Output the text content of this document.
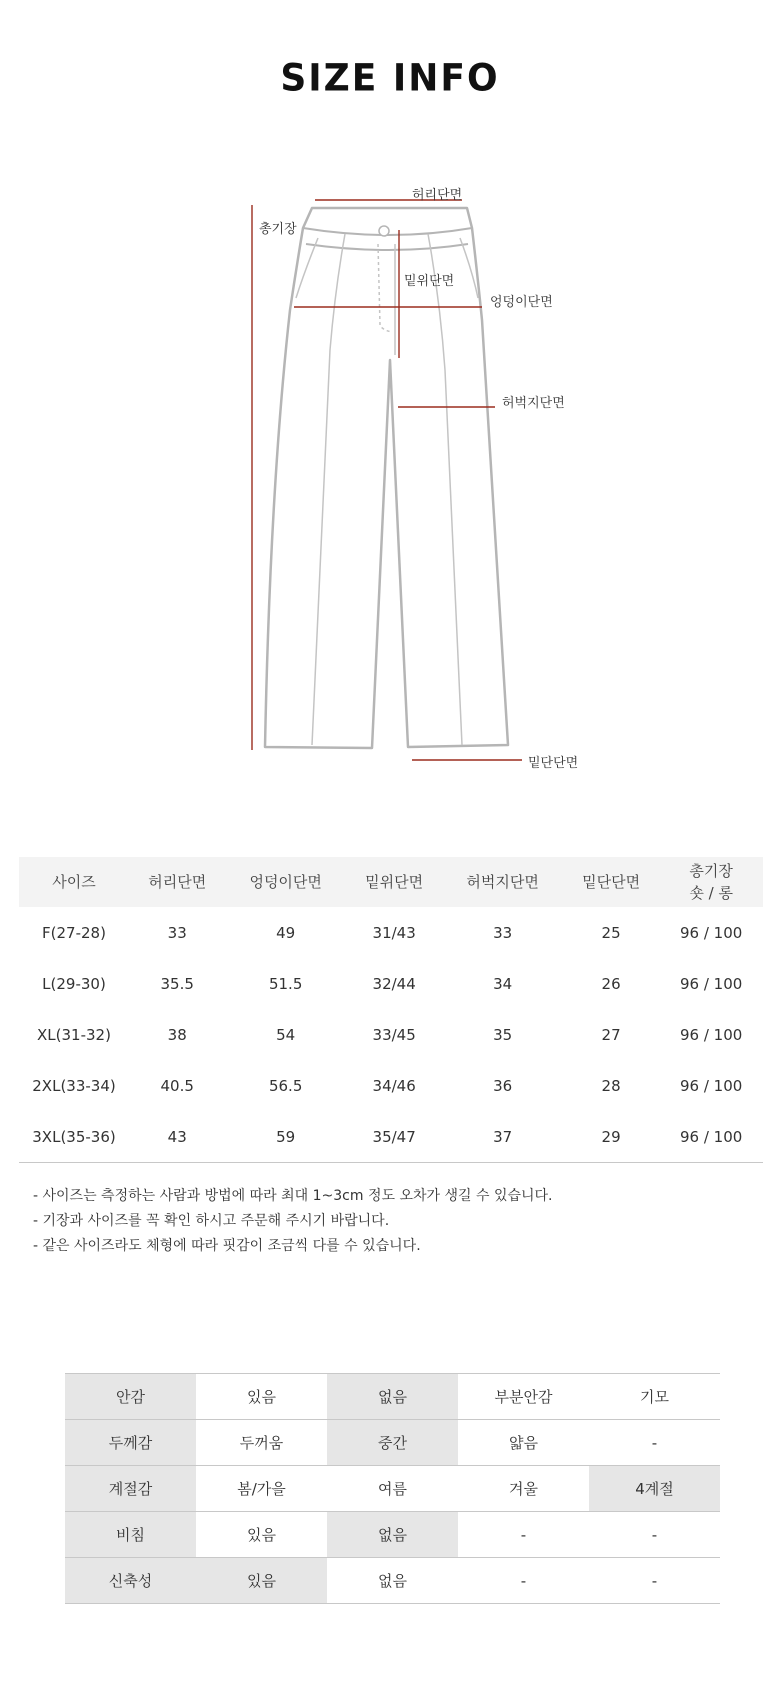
SIZE INFO
허리단면
총기장
밑위단면
엉덩이단면
허벅지단면
밑단단면
사이즈	허리단면	엉덩이단면	밑위단면	허벅지단면	밑단단면	총기장
숏 / 롱

F(27-28)	33	49	31/43	33	25	96 / 100
L(29-30)	35.5	51.5	32/44	34	26	96 / 100
XL(31-32)	38	54	33/45	35	27	96 / 100
2XL(33-34)	40.5	56.5	34/46	36	28	96 / 100
3XL(35-36)	43	59	35/47	37	29	96 / 100
- 사이즈는 측정하는 사람과 방법에 따라 최대 1~3cm 정도 오차가 생길 수 있습니다.
- 기장과 사이즈를 꼭 확인 하시고 주문해 주시기 바랍니다.
- 같은 사이즈라도 체형에 따라 핏감이 조금씩 다를 수 있습니다.
안감	있음	없음	부분안감	기모
두께감	두꺼움	중간	얇음	-
계절감	봄/가을	여름	겨울	4계절
비침	있음	없음	-	-
신축성	있음	없음	-	-
